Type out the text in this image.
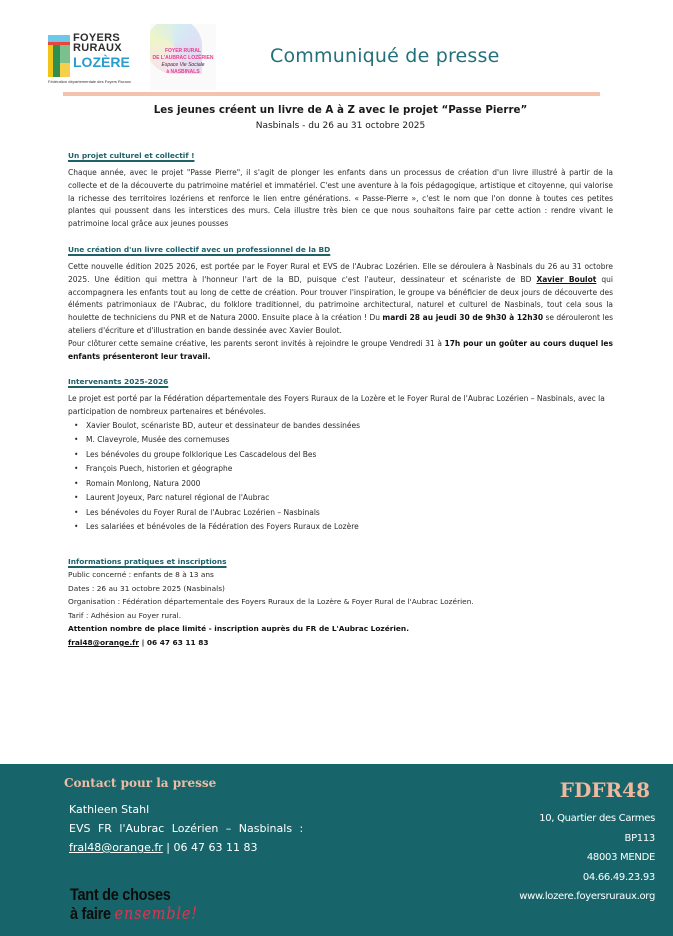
FOYERS
RURAUX
LOZÈRE
Fédération départementale des Foyers Ruraux
FOYER RURAL
DE L'AUBRAC LOZÉRIEN
Espace Vie Sociale
à NASBINALS
Communiqué de presse
Les jeunes créent un livre de A à Z avec le projet “Passe Pierre”
Nasbinals - du 26 au 31 octobre 2025
Un projet culturel et collectif !

Chaque année, avec le projet "Passe Pierre", il s'agit de plonger les enfants dans un processus de création d'un livre illustré à partir de la collecte et de la découverte du patrimoine matériel et immatériel. C'est une aventure à la fois pédagogique, artistique et citoyenne, qui valorise la richesse des territoires lozériens et renforce le lien entre générations. « Passe-Pierre », c'est le nom que l'on donne à toutes ces petites plantes qui poussent dans les interstices des murs. Cela illustre très bien ce que nous souhaitons faire par cette action : rendre vivant le patrimoine local grâce aux jeunes pousses

Une création d'un livre collectif avec un professionnel de la BD

Cette nouvelle édition 2025 2026, est portée par le Foyer Rural et EVS de l'Aubrac Lozérien. Elle se déroulera à Nasbinals du 26 au 31 octobre 2025. Une édition qui mettra à l'honneur l'art de la BD, puisque c'est l'auteur, dessinateur et scénariste de BD Xavier Boulot qui accompagnera les enfants tout au long de cette de création. Pour trouver l'inspiration, le groupe va bénéficier de deux jours de découverte des éléments patrimoniaux de l'Aubrac, du folklore traditionnel, du patrimoine architectural, naturel et culturel de Nasbinals, tout cela sous la houlette de techniciens du PNR et de Natura 2000. Ensuite place à la création ! Du mardi 28 au jeudi 30 de 9h30 à 12h30 se dérouleront les ateliers d'écriture et d'illustration en bande dessinée avec Xavier Boulot.
Pour clôturer cette semaine créative, les parents seront invités à rejoindre le groupe Vendredi 31 à 17h pour un goûter au cours duquel les enfants présenteront leur travail.

Intervenants 2025-2026

Le projet est porté par la Fédération départementale des Foyers Ruraux de la Lozère et le Foyer Rural de l'Aubrac Lozérien – Nasbinals, avec la participation de nombreux partenaires et bénévoles.

• Xavier Boulot, scénariste BD, auteur et dessinateur de bandes dessinées
• M. Claveyrole, Musée des cornemuses
• Les bénévoles du groupe folklorique Les Cascadelous del Bes
• François Puech, historien et géographe
• Romain Monlong, Natura 2000
• Laurent Joyeux, Parc naturel régional de l'Aubrac
• Les bénévoles du Foyer Rural de l'Aubrac Lozérien – Nasbinals
• Les salariées et bénévoles de la Fédération des Foyers Ruraux de Lozère
Informations pratiques et inscriptions
Public concerné : enfants de 8 à 13 ans
Dates : 26 au 31 octobre 2025 (Nasbinals)
Organisation : Fédération départementale des Foyers Ruraux de la Lozère & Foyer Rural de l'Aubrac Lozérien.
Tarif : Adhésion au Foyer rural.
Attention nombre de place limité - inscription auprès du FR de L'Aubrac Lozérien.
fral48@orange.fr | 06 47 63 11 83
Contact pour la presse
Kathleen Stahl
EVS FR l'Aubrac Lozérien – Nasbinals :
fral48@orange.fr | 06 47 63 11 83
Tant de choses
à faire ensemble!
FDFR48
10, Quartier des Carmes
BP113
48003 MENDE
04.66.49.23.93
www.lozere.foyersruraux.org
